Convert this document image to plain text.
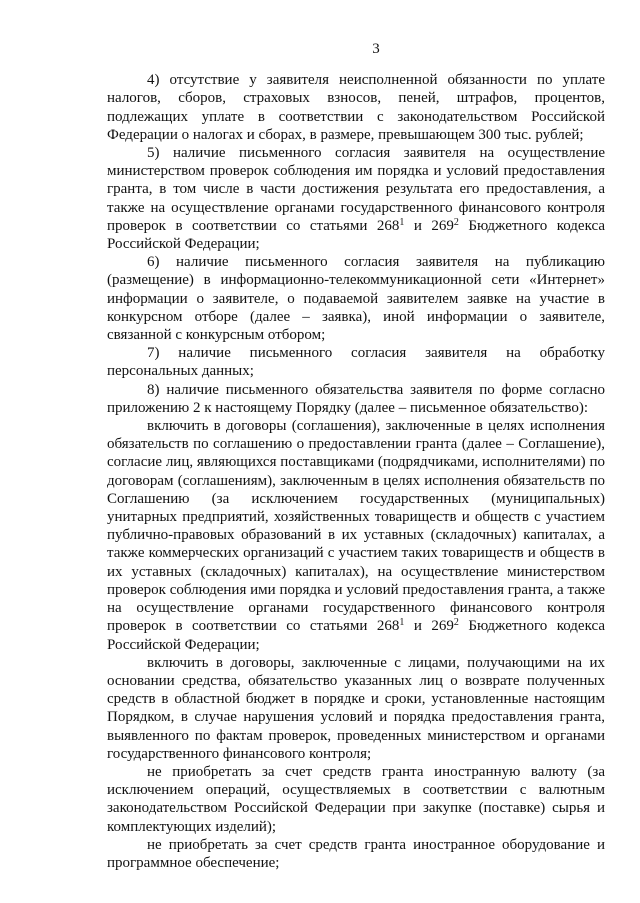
3

4) отсутствие у заявителя неисполненной обязанности по уплате налогов, сборов, страховых взносов, пеней, штрафов, процентов, подлежащих уплате в соответствии с законодательством Российской Федерации о налогах и сборах, в размере, превышающем 300 тыс. рублей;

5) наличие письменного согласия заявителя на осуществление министерством проверок соблюдения им порядка и условий предоставления гранта, в том числе в части достижения результата его предоставления, а также на осуществление органами государственного финансового контроля проверок в соответствии со статьями $268^1$ и $269^2$ Бюджетного кодекса Российской Федерации;

6) наличие письменного согласия заявителя на публикацию (размещение) в информационно-телекоммуникационной сети «Интернет» информации о заявителе, о подаваемой заявителем заявке на участие в конкурсном отборе (далее – заявка), иной информации о заявителе, связанной с конкурсным отбором;

7) наличие письменного согласия заявителя на обработку персональных данных;

8) наличие письменного обязательства заявителя по форме согласно приложению 2 к настоящему Порядку (далее – письменное обязательство):

включить в договоры (соглашения), заключенные в целях исполнения обязательств по соглашению о предоставлении гранта (далее – Соглашение), согласие лиц, являющихся поставщиками (подрядчиками, исполнителями) по договорам (соглашениям), заключенным в целях исполнения обязательств по Соглашению (за исключением государственных (муниципальных) унитарных предприятий, хозяйственных товариществ и обществ с участием публично-правовых образований в их уставных (складочных) капиталах, а также коммерческих организаций с участием таких товариществ и обществ в их уставных (складочных) капиталах), на осуществление министерством проверок соблюдения ими порядка и условий предоставления гранта, а также на осуществление органами государственного финансового контроля проверок в соответствии со статьями $268^1$ и $269^2$ Бюджетного кодекса Российской Федерации;

включить в договоры, заключенные с лицами, получающими на их основании средства, обязательство указанных лиц о возврате полученных средств в областной бюджет в порядке и сроки, установленные настоящим Порядком, в случае нарушения условий и порядка предоставления гранта, выявленного по фактам проверок, проведенных министерством и органами государственного финансового контроля;

не приобретать за счет средств гранта иностранную валюту (за исключением операций, осуществляемых в соответствии с валютным законодательством Российской Федерации при закупке (поставке) сырья и комплектующих изделий);

не приобретать за счет средств гранта иностранное оборудование и программное обеспечение;
